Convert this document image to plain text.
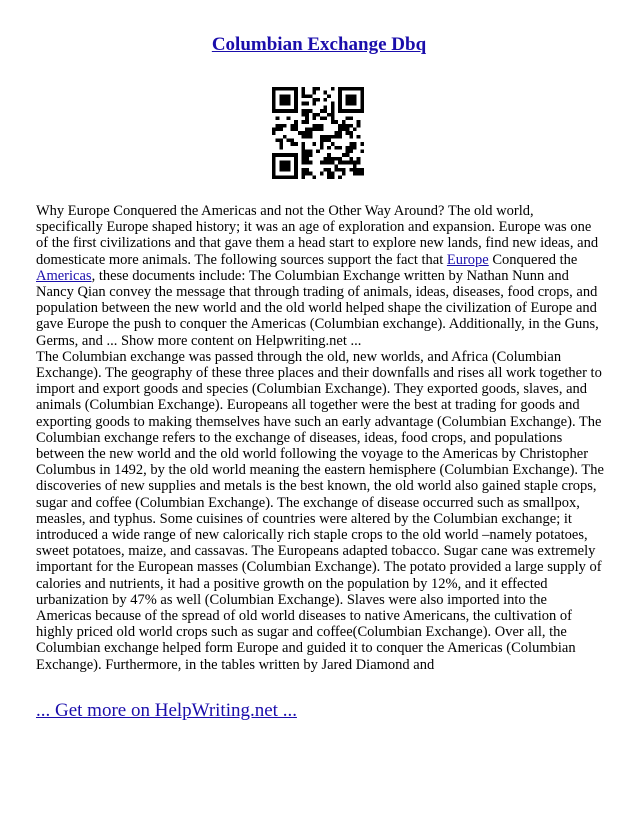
Columbian Exchange Dbq

Why Europe Conquered the Americas and not the Other Way Around? The old world, specifically Europe shaped history; it was an age of exploration and expansion. Europe was one of the first civilizations and that gave them a head start to explore new lands, find new ideas, and domesticate more animals. The following sources support the fact that Europe Conquered the Americas, these documents include: The Columbian Exchange written by Nathan Nunn and Nancy Qian convey the message that through trading of animals, ideas, diseases, food crops, and population between the new world and the old world helped shape the civilization of Europe and gave Europe the push to conquer the Americas (Columbian exchange). Additionally, in the Guns, Germs, and ... Show more content on Helpwriting.net ...

The Columbian exchange was passed through the old, new worlds, and Africa (Columbian Exchange). The geography of these three places and their downfalls and rises all work together to import and export goods and species (Columbian Exchange). They exported goods, slaves, and animals (Columbian Exchange). Europeans all together were the best at trading for goods and exporting goods to making themselves have such an early advantage (Columbian Exchange). The Columbian exchange refers to the exchange of diseases, ideas, food crops, and populations between the new world and the old world following the voyage to the Americas by Christopher Columbus in 1492, by the old world meaning the eastern hemisphere (Columbian Exchange). The discoveries of new supplies and metals is the best known, the old world also gained staple crops, sugar and coffee (Columbian Exchange). The exchange of disease occurred such as smallpox, measles, and typhus. Some cuisines of countries were altered by the Columbian exchange; it introduced a wide range of new calorically rich staple crops to the old world –namely potatoes, sweet potatoes, maize, and cassavas. The Europeans adapted tobacco. Sugar cane was extremely important for the European masses (Columbian Exchange). The potato provided a large supply of calories and nutrients, it had a positive growth on the population by 12%, and it effected urbanization by 47% as well (Columbian Exchange). Slaves were also imported into the Americas because of the spread of old world diseases to native Americans, the cultivation of highly priced old world crops such as sugar and coffee(Columbian Exchange). Over all, the Columbian exchange helped form Europe and guided it to conquer the Americas (Columbian Exchange). Furthermore, in the tables written by Jared Diamond and

... Get more on HelpWriting.net ...
